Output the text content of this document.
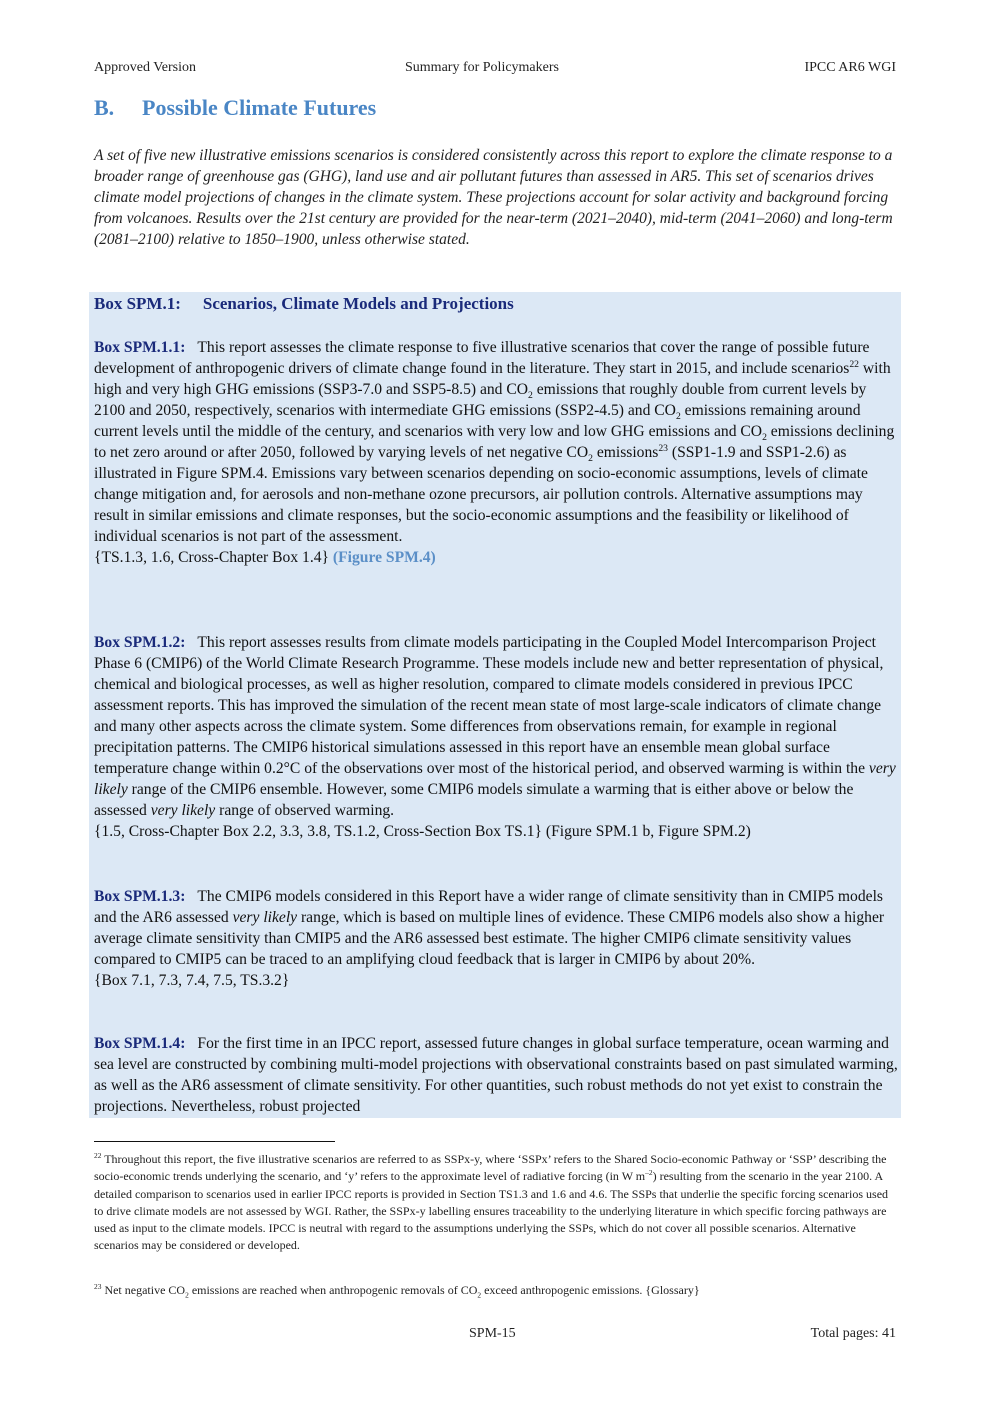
Approved Version	Summary for Policymakers	IPCC AR6 WGI
B. Possible Climate Futures

A set of five new illustrative emissions scenarios is considered consistently across this report to explore the climate response to a broader range of greenhouse gas (GHG), land use and air pollutant futures than assessed in AR5. This set of scenarios drives climate model projections of changes in the climate system. These projections account for solar activity and background forcing from volcanoes. Results over the 21st century are provided for the near-term (2021–2040), mid-term (2041–2060) and long-term (2081–2100) relative to 1850–1900, unless otherwise stated.

Box SPM.1: Scenarios, Climate Models and Projections

Box SPM.1.1: This report assesses the climate response to five illustrative scenarios that cover the range of possible future development of anthropogenic drivers of climate change found in the literature. They start in 2015, and include scenarios$^{22}$ with high and very high GHG emissions (SSP3-7.0 and SSP5-8.5) and $CO_2$ emissions that roughly double from current levels by 2100 and 2050, respectively, scenarios with intermediate GHG emissions (SSP2-4.5) and $CO_2$ emissions remaining around current levels until the middle of the century, and scenarios with very low and low GHG emissions and $CO_2$ emissions declining to net zero around or after 2050, followed by varying levels of net negative $CO_2$ emissions$^{23}$ (SSP1-1.9 and SSP1-2.6) as illustrated in Figure SPM.4. Emissions vary between scenarios depending on socio-economic assumptions, levels of climate change mitigation and, for aerosols and non-methane ozone precursors, air pollution controls. Alternative assumptions may result in similar emissions and climate responses, but the socio-economic assumptions and the feasibility or likelihood of individual scenarios is not part of the assessment.
{TS.1.3, 1.6, Cross-Chapter Box 1.4} (Figure SPM.4)

Box SPM.1.2: This report assesses results from climate models participating in the Coupled Model Intercomparison Project Phase 6 (CMIP6) of the World Climate Research Programme. These models include new and better representation of physical, chemical and biological processes, as well as higher resolution, compared to climate models considered in previous IPCC assessment reports. This has improved the simulation of the recent mean state of most large-scale indicators of climate change and many other aspects across the climate system. Some differences from observations remain, for example in regional precipitation patterns. The CMIP6 historical simulations assessed in this report have an ensemble mean global surface temperature change within 0.2°C of the observations over most of the historical period, and observed warming is within the very likely range of the CMIP6 ensemble. However, some CMIP6 models simulate a warming that is either above or below the assessed very likely range of observed warming.
{1.5, Cross-Chapter Box 2.2, 3.3, 3.8, TS.1.2, Cross-Section Box TS.1} (Figure SPM.1 b, Figure SPM.2)

Box SPM.1.3: The CMIP6 models considered in this Report have a wider range of climate sensitivity than in CMIP5 models and the AR6 assessed very likely range, which is based on multiple lines of evidence. These CMIP6 models also show a higher average climate sensitivity than CMIP5 and the AR6 assessed best estimate. The higher CMIP6 climate sensitivity values compared to CMIP5 can be traced to an amplifying cloud feedback that is larger in CMIP6 by about 20%.
{Box 7.1, 7.3, 7.4, 7.5, TS.3.2}

Box SPM.1.4: For the first time in an IPCC report, assessed future changes in global surface temperature, ocean warming and sea level are constructed by combining multi-model projections with observational constraints based on past simulated warming, as well as the AR6 assessment of climate sensitivity. For other quantities, such robust methods do not yet exist to constrain the projections. Nevertheless, robust projected

$^{22}$ Throughout this report, the five illustrative scenarios are referred to as SSPx-y, where ‘SSPx’ refers to the Shared Socio-economic Pathway or ‘SSP’ describing the socio-economic trends underlying the scenario, and ‘y’ refers to the approximate level of radiative forcing (in W $m^{-2}$) resulting from the scenario in the year 2100. A detailed comparison to scenarios used in earlier IPCC reports is provided in Section TS1.3 and 1.6 and 4.6. The SSPs that underlie the specific forcing scenarios used to drive climate models are not assessed by WGI. Rather, the SSPx-y labelling ensures traceability to the underlying literature in which specific forcing pathways are used as input to the climate models. IPCC is neutral with regard to the assumptions underlying the SSPs, which do not cover all possible scenarios. Alternative scenarios may be considered or developed.

$^{23}$ Net negative $CO_2$ emissions are reached when anthropogenic removals of $CO_2$ exceed anthropogenic emissions. {Glossary}

SPM-15	Total pages: 41
